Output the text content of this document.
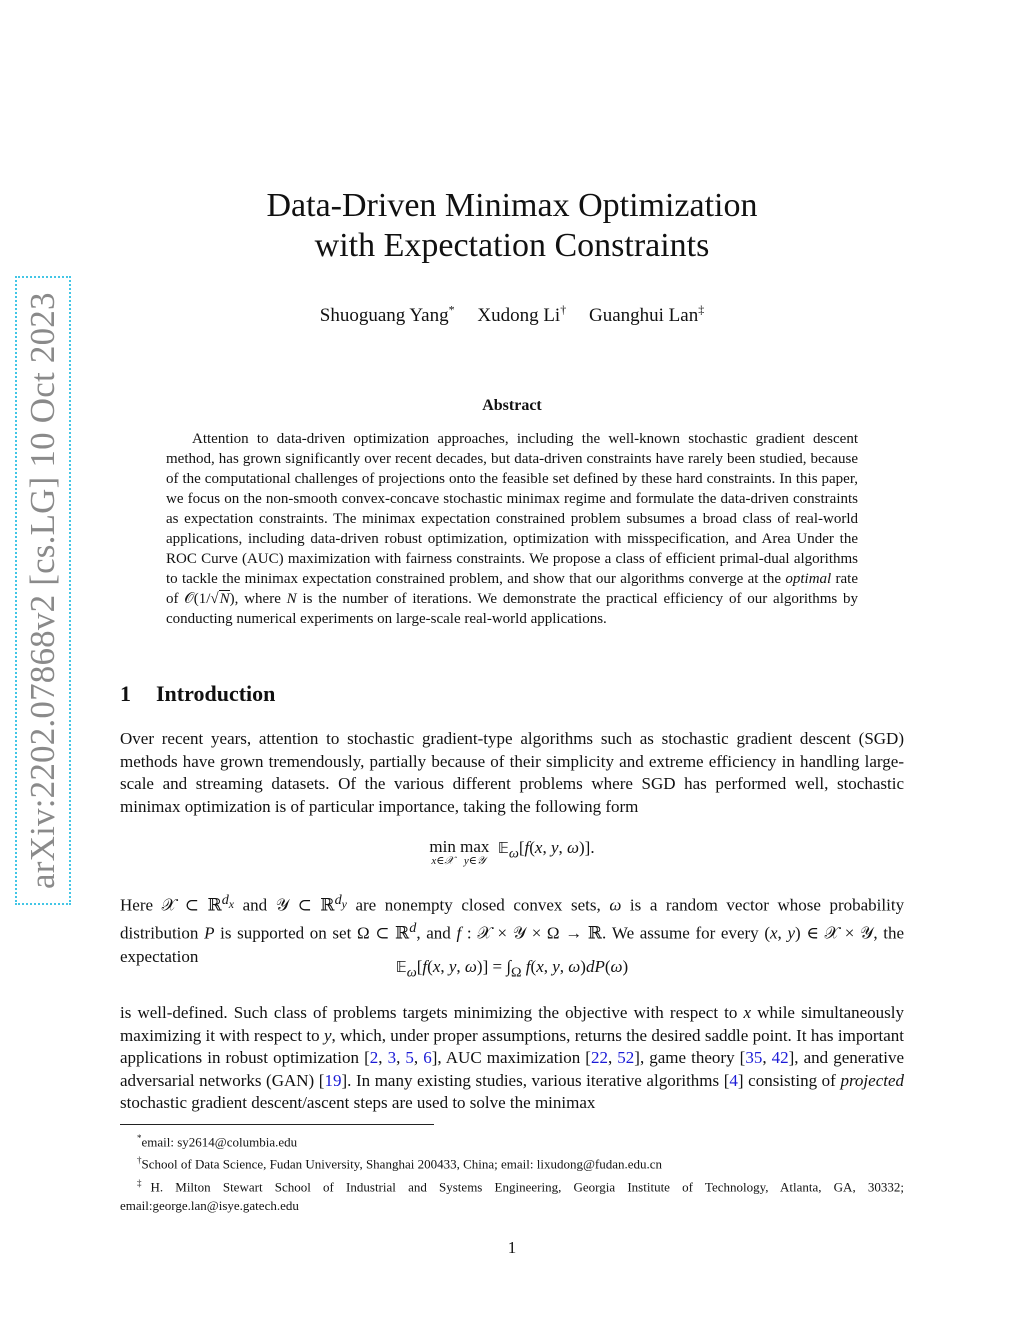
arXiv:2202.07868v2 [cs.LG] 10 Oct 2023
Data-Driven Minimax Optimization
with Expectation Constraints
Shuoguang Yang* Xudong Li† Guanghui Lan‡
Abstract

Attention to data-driven optimization approaches, including the well-known stochastic gradient descent method, has grown significantly over recent decades, but data-driven constraints have rarely been studied, because of the computational challenges of projections onto the feasible set defined by these hard constraints. In this paper, we focus on the non-smooth convex-concave stochastic minimax regime and formulate the data-driven constraints as expectation constraints. The minimax expectation constrained problem subsumes a broad class of real-world applications, including data-driven robust optimization, optimization with misspecification, and Area Under the ROC Curve (AUC) maximization with fairness constraints. We propose a class of efficient primal-dual algorithms to tackle the minimax expectation constrained problem, and show that our algorithms converge at the optimal rate of 𝒪(1/√N), where N is the number of iterations. We demonstrate the practical efficiency of our algorithms by conducting numerical experiments on large-scale real-world applications.

1 Introduction

Over recent years, attention to stochastic gradient-type algorithms such as stochastic gradient descent (SGD) methods have grown tremendously, partially because of their simplicity and extreme efficiency in handling large-scale and streaming datasets. Of the various different problems where SGD has performed well, stochastic minimax optimization is of particular importance, taking the following form

min
x∈𝒳
max
y∈𝒴
𝔼$_\omega$[f(x, y, ω)].

Here 𝒳 ⊂ ℝ$^{d_x}$ and 𝒴 ⊂ ℝ$^{d_y}$ are nonempty closed convex sets, ω is a random vector whose probability distribution P is supported on set Ω ⊂ ℝ$^d$, and f : 𝒳 × 𝒴 × Ω → ℝ. We assume for every (x, y) ∈ 𝒳 × 𝒴, the expectation

𝔼$_\omega$[f(x, y, $\omega)] = \int_\Omega$ f(x, y, ω)dP(ω)

is well-defined. Such class of problems targets minimizing the objective with respect to x while simultaneously maximizing it with respect to y, which, under proper assumptions, returns the desired saddle point. It has important applications in robust optimization [2, 3, 5, 6], AUC maximization [22, 52], game theory [35, 42], and generative adversarial networks (GAN) [19]. In many existing studies, various iterative algorithms [4] consisting of projected stochastic gradient descent/ascent steps are used to solve the minimax

*email: sy2614@columbia.edu

†School of Data Science, Fudan University, Shanghai 200433, China; email: lixudong@fudan.edu.cn

‡H. Milton Stewart School of Industrial and Systems Engineering, Georgia Institute of Technology, Atlanta, GA, 30332; email:george.lan@isye.gatech.edu

1
